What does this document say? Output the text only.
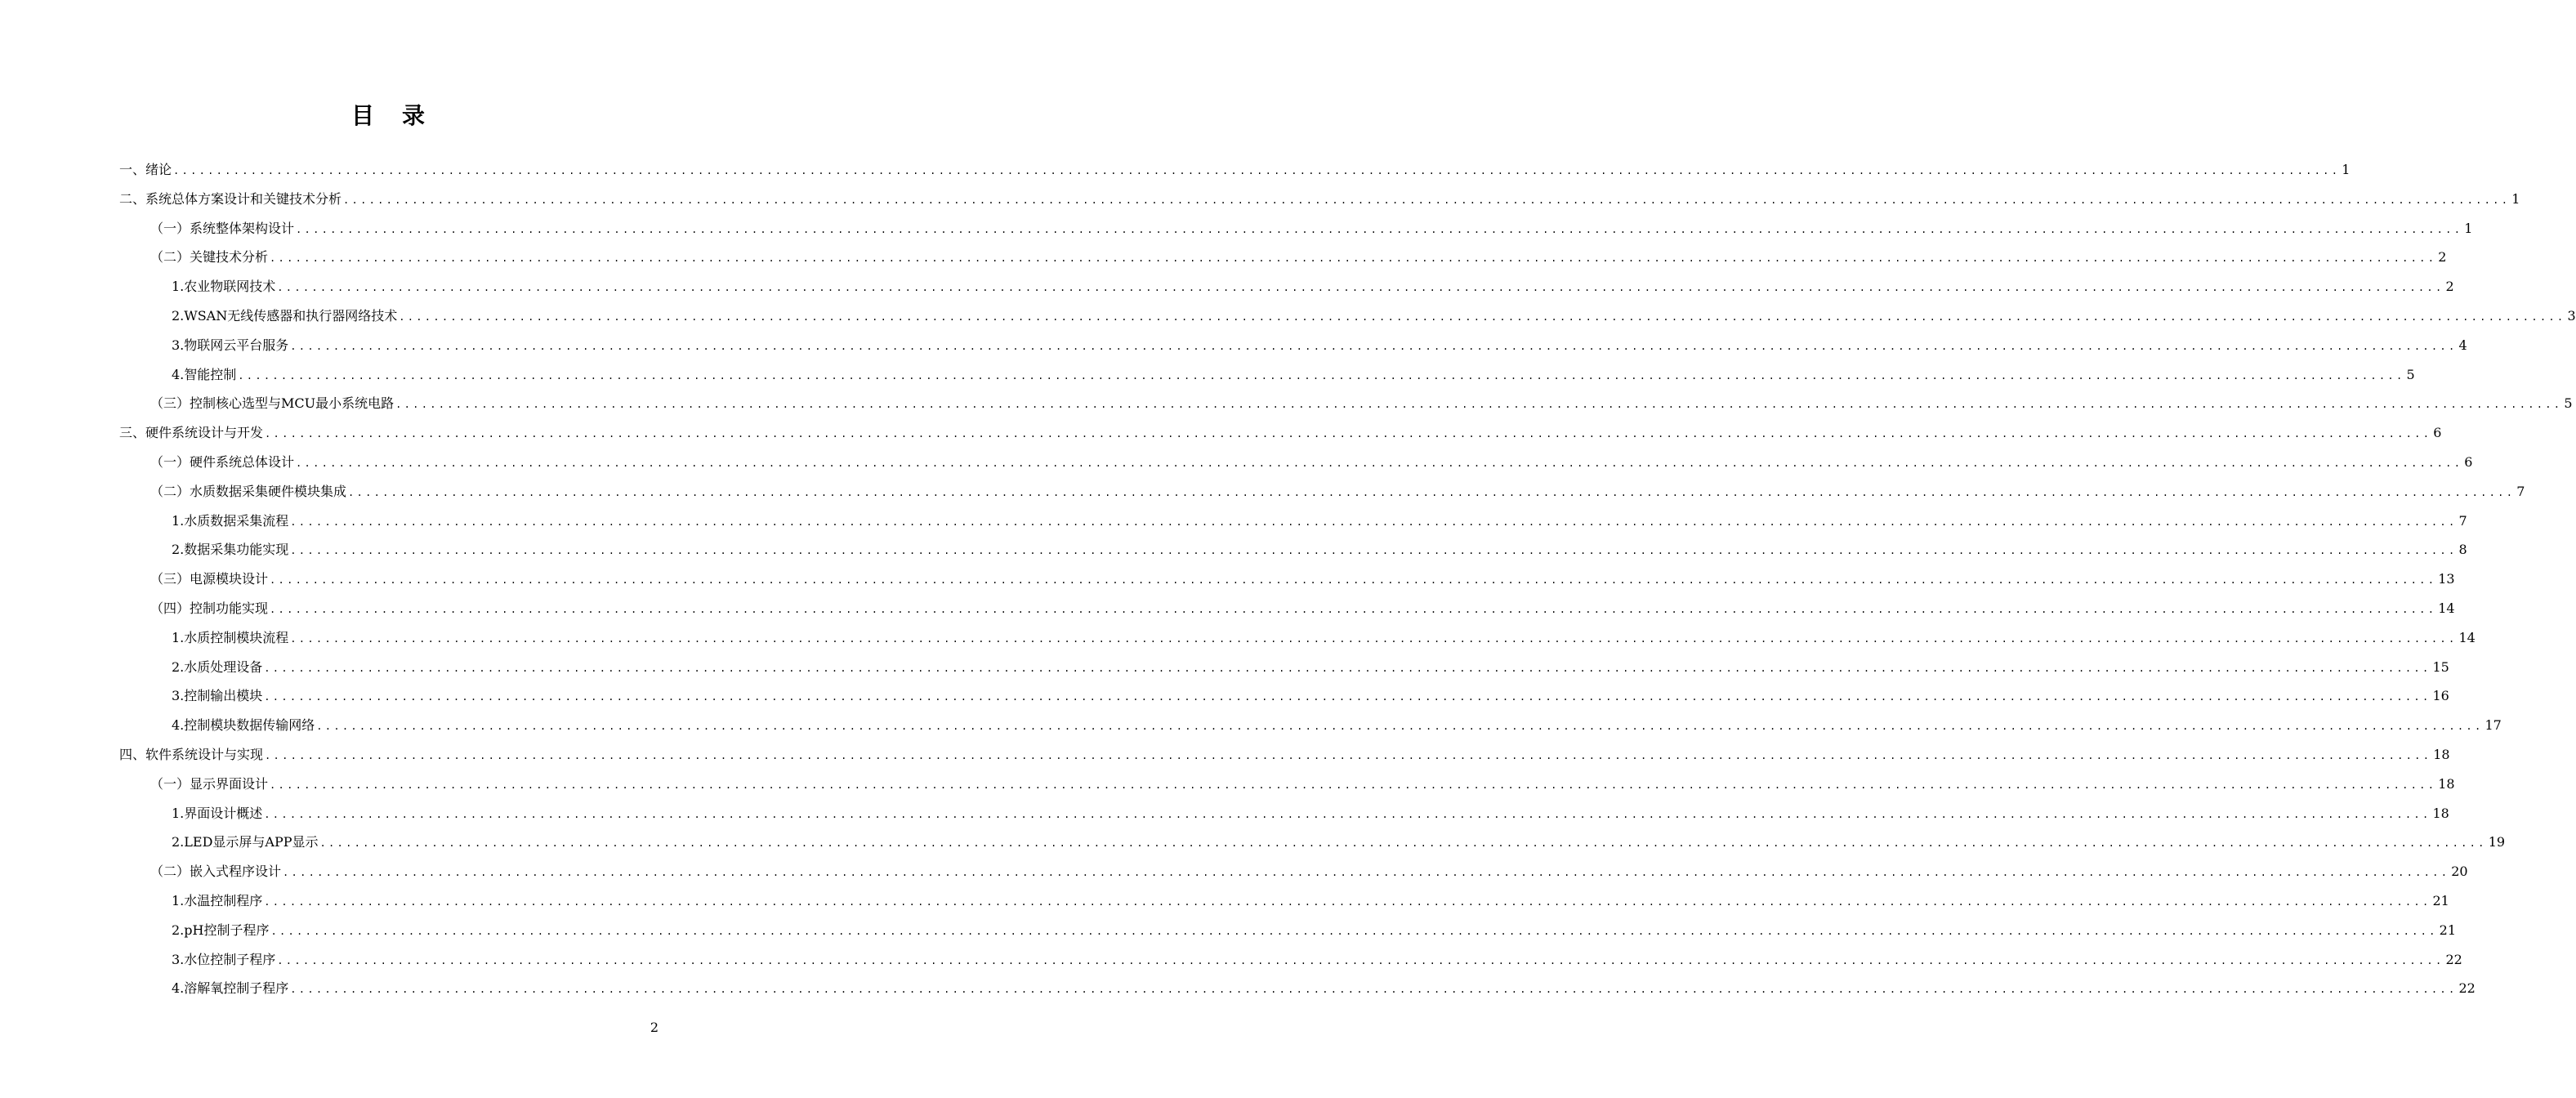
目录
一、绪论 ............................................................................................................................................................................................................................................................ 1
二、系统总体方案设计和关键技术分析 ............................................................................................................................................................................................................................................................ 1
（一）系统整体架构设计 ............................................................................................................................................................................................................................................................ 1
（二）关键技术分析 ............................................................................................................................................................................................................................................................ 2
1.农业物联网技术 ............................................................................................................................................................................................................................................................ 2
2.WSAN无线传感器和执行器网络技术 ............................................................................................................................................................................................................................................................ 3
3.物联网云平台服务 ............................................................................................................................................................................................................................................................ 4
4.智能控制 ............................................................................................................................................................................................................................................................ 5
（三）控制核心选型与MCU最小系统电路 ............................................................................................................................................................................................................................................................ 5
三、硬件系统设计与开发 ............................................................................................................................................................................................................................................................ 6
（一）硬件系统总体设计 ............................................................................................................................................................................................................................................................ 6
（二）水质数据采集硬件模块集成 ............................................................................................................................................................................................................................................................ 7
1.水质数据采集流程 ............................................................................................................................................................................................................................................................ 7
2.数据采集功能实现 ............................................................................................................................................................................................................................................................ 8
（三）电源模块设计 ............................................................................................................................................................................................................................................................ 13
（四）控制功能实现 ............................................................................................................................................................................................................................................................ 14
1.水质控制模块流程 ............................................................................................................................................................................................................................................................ 14
2.水质处理设备 ............................................................................................................................................................................................................................................................ 15
3.控制输出模块 ............................................................................................................................................................................................................................................................ 16
4.控制模块数据传输网络 ............................................................................................................................................................................................................................................................ 17
四、软件系统设计与实现 ............................................................................................................................................................................................................................................................ 18
（一）显示界面设计 ............................................................................................................................................................................................................................................................ 18
1.界面设计概述 ............................................................................................................................................................................................................................................................ 18
2.LED显示屏与APP显示 ............................................................................................................................................................................................................................................................ 19
（二）嵌入式程序设计 ............................................................................................................................................................................................................................................................ 20
1.水温控制程序 ............................................................................................................................................................................................................................................................ 21
2.pH控制子程序 ............................................................................................................................................................................................................................................................ 21
3.水位控制子程序 ............................................................................................................................................................................................................................................................ 22
4.溶解氧控制子程序 ............................................................................................................................................................................................................................................................ 22
2
